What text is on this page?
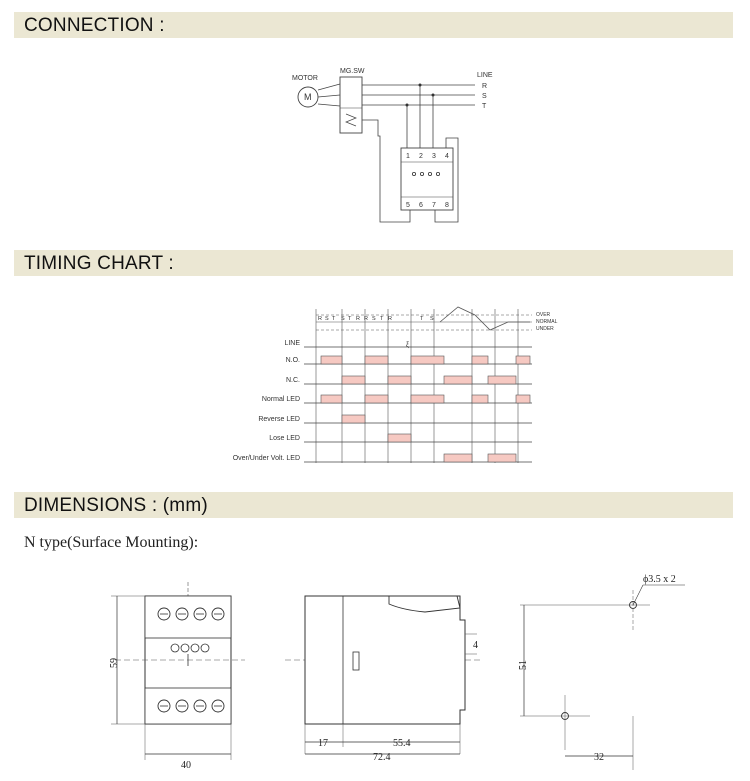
CONNECTION :
MOTOR
M
MG.SW
LINE
R
S
T
1 2 3 4
5 6 7 8
TIMING CHART :
LINE
N.O.
N.C.
Normal LED
Reverse LED
Lose LED
Over/Under Volt. LED
OVER
NORMAL
UNDER
R S T S T R R S T R	T S
ξ
DIMENSIONS : (mm)
N type(Surface Mounting):
59
40
17	55.4
72.4
4
51
32
ϕ3.5 x 2
